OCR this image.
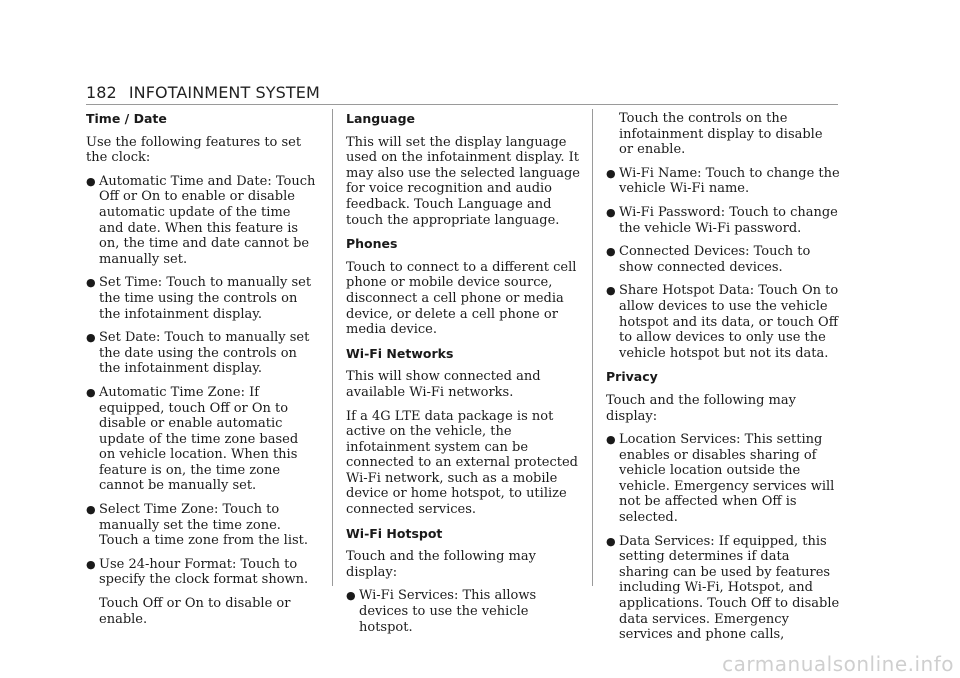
182 INFOTAINMENT SYSTEM
Time / Date
Use the following features to set the clock:
● Automatic Time and Date: Touch Off or On to enable or disable automatic update of the time and date. When this feature is on, the time and date cannot be manually set.
● Set Time: Touch to manually set the time using the controls on the infotainment display.
● Set Date: Touch to manually set the date using the controls on the infotainment display.
● Automatic Time Zone: If equipped, touch Off or On to disable or enable automatic update of the time zone based on vehicle location. When this feature is on, the time zone cannot be manually set.
● Select Time Zone: Touch to manually set the time zone. Touch a time zone from the list.
● Use 24-hour Format: Touch to specify the clock format shown.
Touch Off or On to disable or enable.
Language
This will set the display language used on the infotainment display. It may also use the selected language for voice recognition and audio feedback. Touch Language and touch the appropriate language.
Phones
Touch to connect to a different cell phone or mobile device source, disconnect a cell phone or media device, or delete a cell phone or media device.
Wi-Fi Networks
This will show connected and available Wi-Fi networks.
If a 4G LTE data package is not active on the vehicle, the infotainment system can be connected to an external protected Wi-Fi network, such as a mobile device or home hotspot, to utilize connected services.
Wi-Fi Hotspot
Touch and the following may display:
● Wi-Fi Services: This allows devices to use the vehicle hotspot.
Touch the controls on the infotainment display to disable or enable.
● Wi-Fi Name: Touch to change the vehicle Wi-Fi name.
● Wi-Fi Password: Touch to change the vehicle Wi-Fi password.
● Connected Devices: Touch to show connected devices.
● Share Hotspot Data: Touch On to allow devices to use the vehicle hotspot and its data, or touch Off to allow devices to only use the vehicle hotspot but not its data.
Privacy
Touch and the following may display:
● Location Services: This setting enables or disables sharing of vehicle location outside the vehicle. Emergency services will not be affected when Off is selected.
● Data Services: If equipped, this setting determines if data sharing can be used by features including Wi-Fi, Hotspot, and applications. Touch Off to disable data services. Emergency services and phone calls,
carmanualsonline.info
